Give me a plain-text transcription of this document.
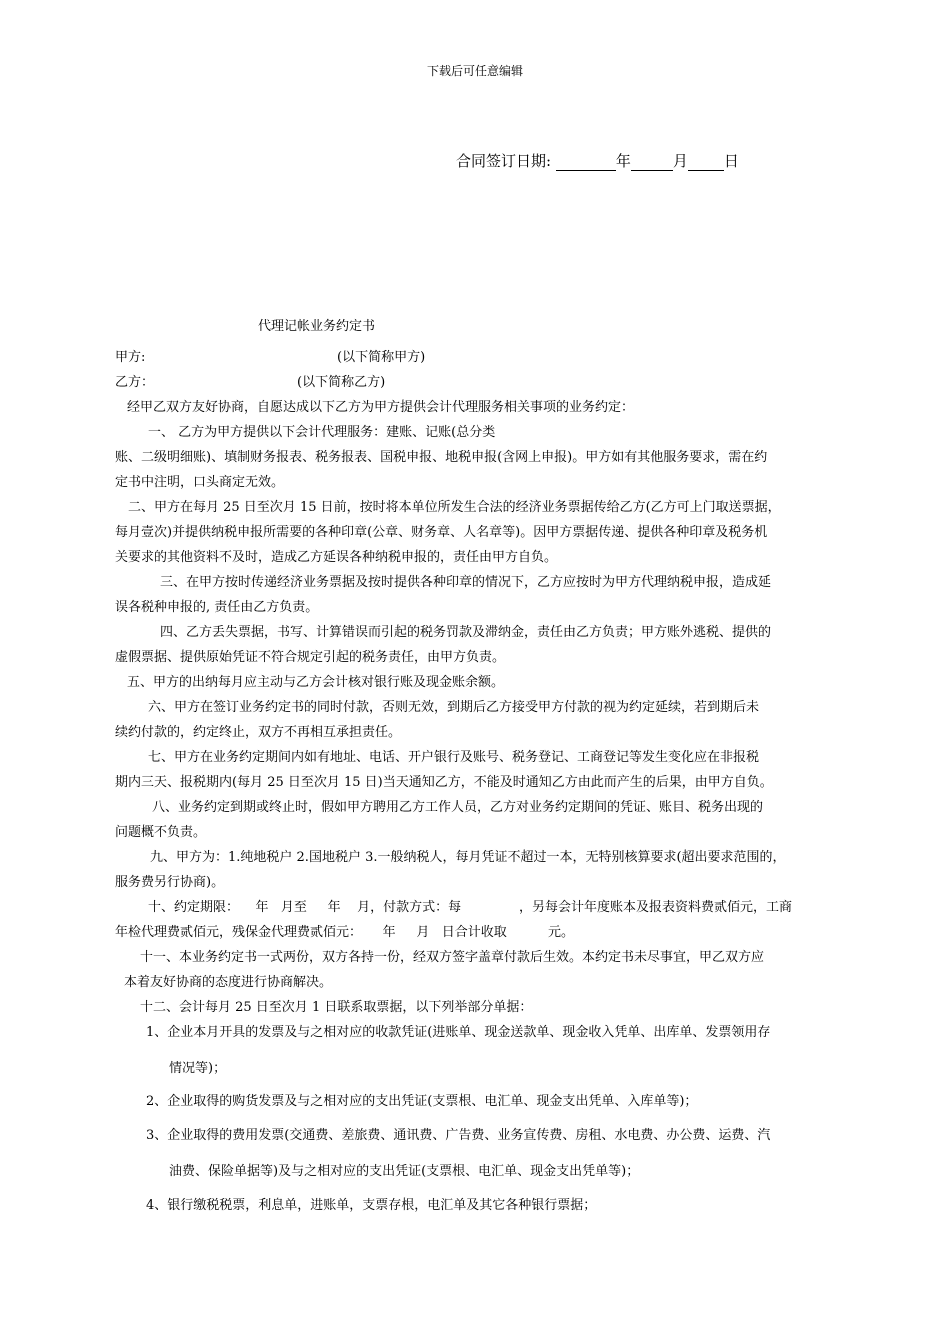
下载后可任意编辑
合同签订日期:	年	月 日
代理记帐业务约定书
甲方:	(以下简称甲方)
乙方：	(以下简称乙方)
经甲乙双方友好协商，自愿达成以下乙方为甲方提供会计代理服务相关事项的业务约定：
一、 乙方为甲方提供以下会计代理服务：建账、记账(总分类
账、二级明细账)、填制财务报表、税务报表、国税申报、地税申报(含网上申报)。甲方如有其他服务要求，需在约
定书中注明，口头商定无效。
二、甲方在每月 25 日至次月 15 日前，按时将本单位所发生合法的经济业务票据传给乙方(乙方可上门取送票据，
每月壹次)并提供纳税申报所需要的各种印章(公章、财务章、人名章等)。因甲方票据传递、提供各种印章及税务机
关要求的其他资料不及时，造成乙方延误各种纳税申报的，责任由甲方自负。
三、在甲方按时传递经济业务票据及按时提供各种印章的情况下，乙方应按时为甲方代理纳税申报，造成延
误各税种申报的, 责任由乙方负责。
四、乙方丢失票据，书写、计算错误而引起的税务罚款及滞纳金，责任由乙方负责；甲方账外逃税、提供的
虚假票据、提供原始凭证不符合规定引起的税务责任，由甲方负责。
五、甲方的出纳每月应主动与乙方会计核对银行账及现金账余额。
六、甲方在签订业务约定书的同时付款，否则无效，到期后乙方接受甲方付款的视为约定延续，若到期后未
续约付款的，约定终止，双方不再相互承担责任。
七、甲方在业务约定期间内如有地址、电话、开户银行及账号、税务登记、工商登记等发生变化应在非报税
期内三天、报税期内(每月 25 日至次月 15 日)当天通知乙方，不能及时通知乙方由此而产生的后果，由甲方自负。
八、业务约定到期或终止时，假如甲方聘用乙方工作人员，乙方对业务约定期间的凭证、账目、税务出现的
问题概不负责。
九、甲方为：1.纯地税户 2.国地税户 3.一般纳税人，每月凭证不超过一本，无特别核算要求(超出要求范围的，
服务费另行协商)。
十、约定期限：    年   月至     年    月，付款方式：每              ，另每会计年度账本及报表资料费贰佰元，工商
年检代理费贰佰元，残保金代理费贰佰元：     年     月   日合计收取          元。
十一、本业务约定书一式两份，双方各持一份，经双方签字盖章付款后生效。本约定书未尽事宜，甲乙双方应
本着友好协商的态度进行协商解决。
十二、会计每月 25 日至次月 1 日联系取票据，以下列举部分单据：
1、企业本月开具的发票及与之相对应的收款凭证(进账单、现金送款单、现金收入凭单、出库单、发票领用存
情况等)；
2、企业取得的购货发票及与之相对应的支出凭证(支票根、电汇单、现金支出凭单、入库单等)；
3、企业取得的费用发票(交通费、差旅费、通讯费、广告费、业务宣传费、房租、水电费、办公费、运费、汽
油费、保险单据等)及与之相对应的支出凭证(支票根、电汇单、现金支出凭单等)；
4、银行缴税税票，利息单，进账单，支票存根，电汇单及其它各种银行票据；
